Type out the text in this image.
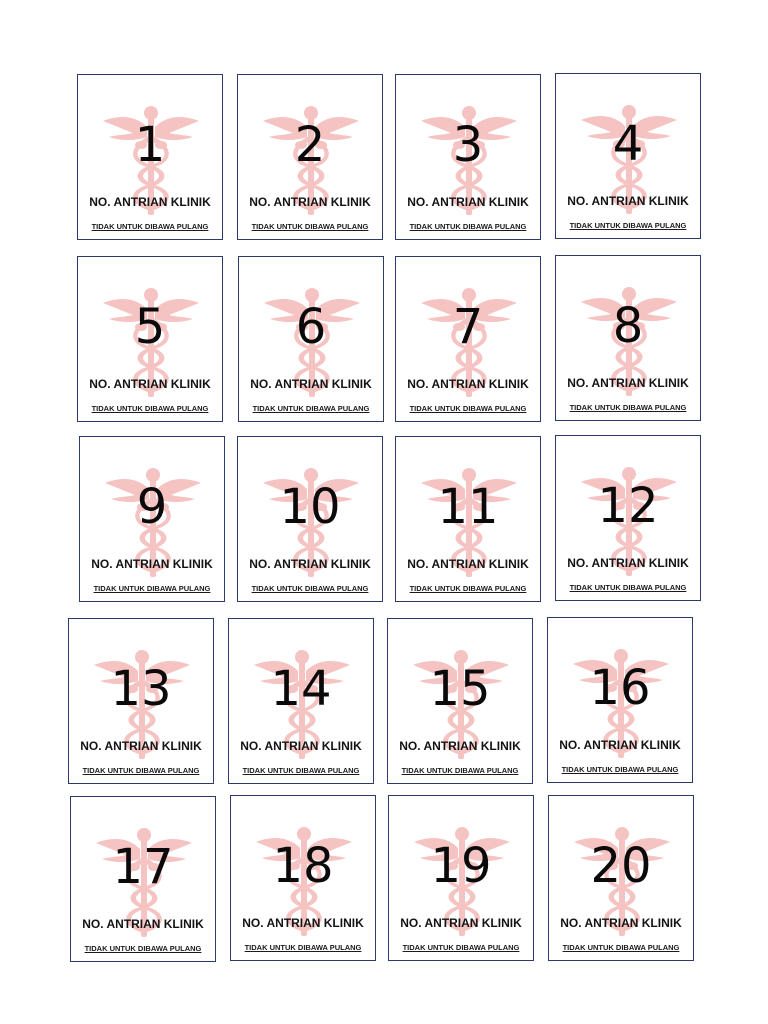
1
NO. ANTRIAN KLINIK
TIDAK UNTUK DIBAWA PULANG
2
NO. ANTRIAN KLINIK
TIDAK UNTUK DIBAWA PULANG
3
NO. ANTRIAN KLINIK
TIDAK UNTUK DIBAWA PULANG
4
NO. ANTRIAN KLINIK
TIDAK UNTUK DIBAWA PULANG
5
NO. ANTRIAN KLINIK
TIDAK UNTUK DIBAWA PULANG
6
NO. ANTRIAN KLINIK
TIDAK UNTUK DIBAWA PULANG
7
NO. ANTRIAN KLINIK
TIDAK UNTUK DIBAWA PULANG
8
NO. ANTRIAN KLINIK
TIDAK UNTUK DIBAWA PULANG
9
NO. ANTRIAN KLINIK
TIDAK UNTUK DIBAWA PULANG
10
NO. ANTRIAN KLINIK
TIDAK UNTUK DIBAWA PULANG
11
NO. ANTRIAN KLINIK
TIDAK UNTUK DIBAWA PULANG
12
NO. ANTRIAN KLINIK
TIDAK UNTUK DIBAWA PULANG
13
NO. ANTRIAN KLINIK
TIDAK UNTUK DIBAWA PULANG
14
NO. ANTRIAN KLINIK
TIDAK UNTUK DIBAWA PULANG
15
NO. ANTRIAN KLINIK
TIDAK UNTUK DIBAWA PULANG
16
NO. ANTRIAN KLINIK
TIDAK UNTUK DIBAWA PULANG
17
NO. ANTRIAN KLINIK
TIDAK UNTUK DIBAWA PULANG
18
NO. ANTRIAN KLINIK
TIDAK UNTUK DIBAWA PULANG
19
NO. ANTRIAN KLINIK
TIDAK UNTUK DIBAWA PULANG
20
NO. ANTRIAN KLINIK
TIDAK UNTUK DIBAWA PULANG
